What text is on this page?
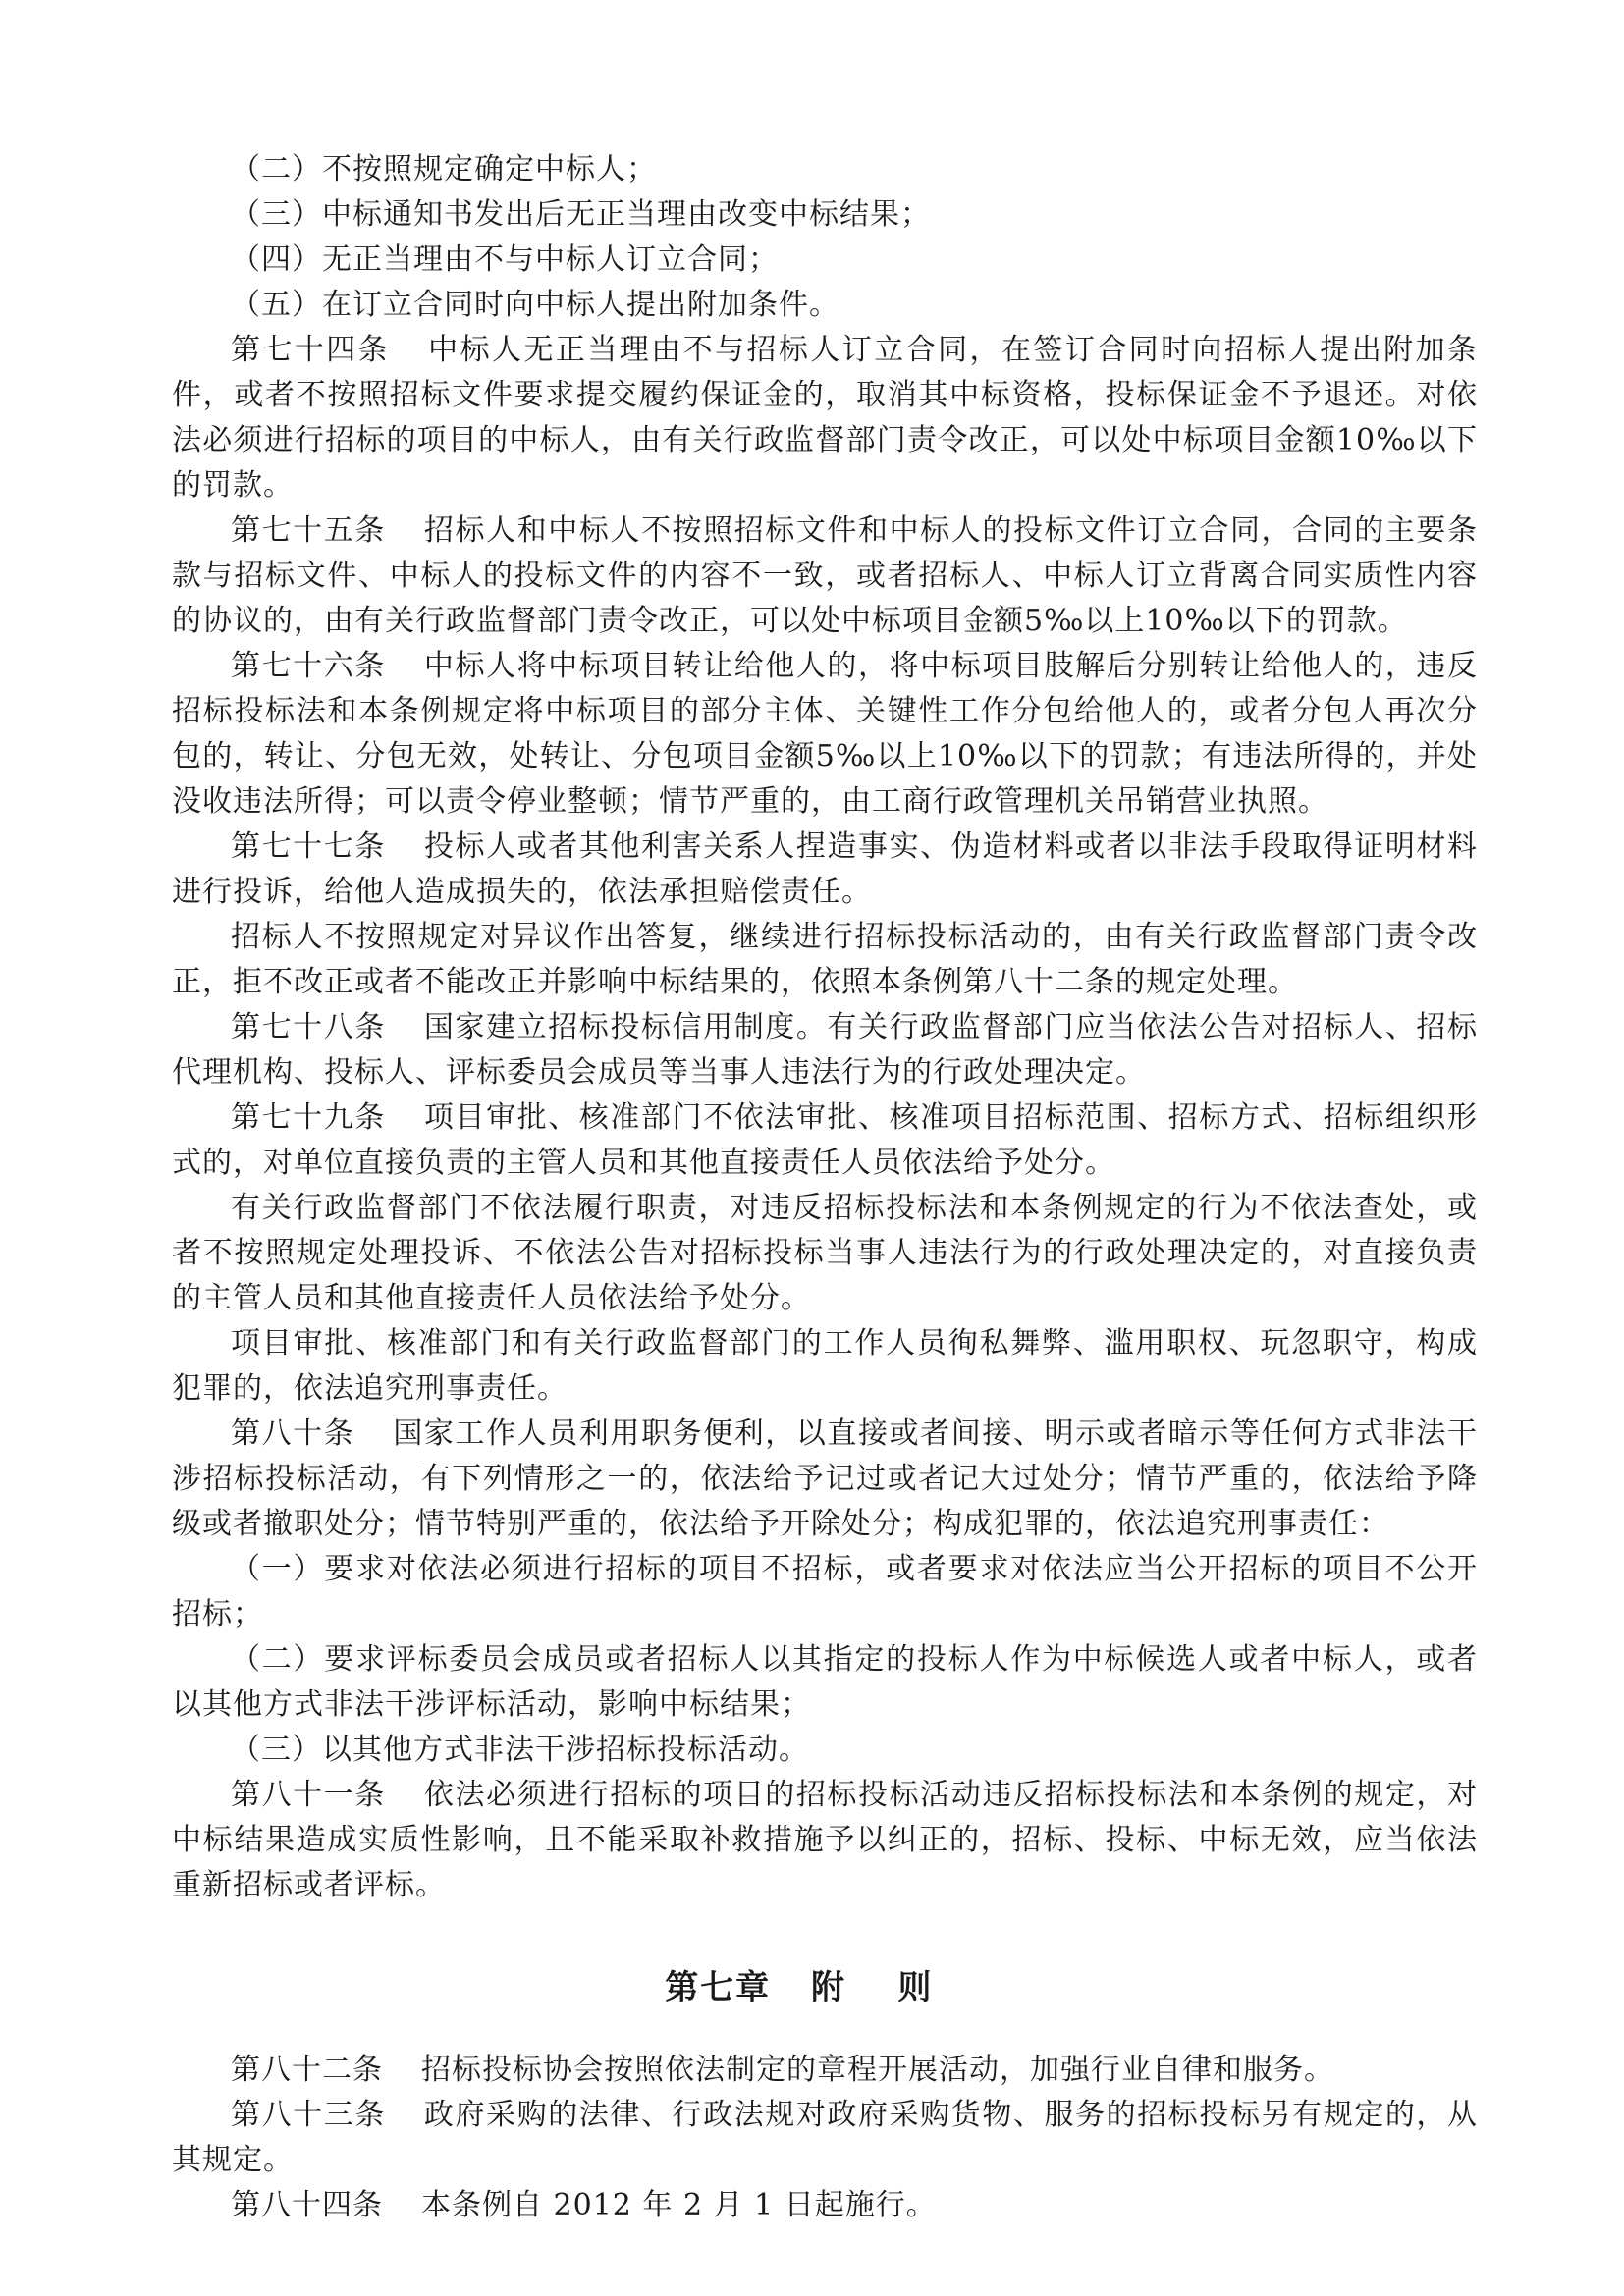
（二）不按照规定确定中标人；

（三）中标通知书发出后无正当理由改变中标结果；

（四）无正当理由不与中标人订立合同；

（五）在订立合同时向中标人提出附加条件。

第七十四条 中标人无正当理由不与招标人订立合同，在签订合同时向招标人提出附加条件，或者不按照招标文件要求提交履约保证金的，取消其中标资格，投标保证金不予退还。对依法必须进行招标的项目的中标人，由有关行政监督部门责令改正，可以处中标项目金额10‰以下的罚款。

第七十五条 招标人和中标人不按照招标文件和中标人的投标文件订立合同，合同的主要条款与招标文件、中标人的投标文件的内容不一致，或者招标人、中标人订立背离合同实质性内容的协议的，由有关行政监督部门责令改正，可以处中标项目金额5‰以上10‰以下的罚款。

第七十六条 中标人将中标项目转让给他人的，将中标项目肢解后分别转让给他人的，违反招标投标法和本条例规定将中标项目的部分主体、关键性工作分包给他人的，或者分包人再次分包的，转让、分包无效，处转让、分包项目金额5‰以上10‰以下的罚款；有违法所得的，并处没收违法所得；可以责令停业整顿；情节严重的，由工商行政管理机关吊销营业执照。

第七十七条 投标人或者其他利害关系人捏造事实、伪造材料或者以非法手段取得证明材料进行投诉，给他人造成损失的，依法承担赔偿责任。

招标人不按照规定对异议作出答复，继续进行招标投标活动的，由有关行政监督部门责令改正，拒不改正或者不能改正并影响中标结果的，依照本条例第八十二条的规定处理。

第七十八条 国家建立招标投标信用制度。有关行政监督部门应当依法公告对招标人、招标代理机构、投标人、评标委员会成员等当事人违法行为的行政处理决定。

第七十九条 项目审批、核准部门不依法审批、核准项目招标范围、招标方式、招标组织形式的，对单位直接负责的主管人员和其他直接责任人员依法给予处分。

有关行政监督部门不依法履行职责，对违反招标投标法和本条例规定的行为不依法查处，或者不按照规定处理投诉、不依法公告对招标投标当事人违法行为的行政处理决定的，对直接负责的主管人员和其他直接责任人员依法给予处分。

项目审批、核准部门和有关行政监督部门的工作人员徇私舞弊、滥用职权、玩忽职守，构成犯罪的，依法追究刑事责任。

第八十条 国家工作人员利用职务便利，以直接或者间接、明示或者暗示等任何方式非法干涉招标投标活动，有下列情形之一的，依法给予记过或者记大过处分；情节严重的，依法给予降级或者撤职处分；情节特别严重的，依法给予开除处分；构成犯罪的，依法追究刑事责任：

（一）要求对依法必须进行招标的项目不招标，或者要求对依法应当公开招标的项目不公开招标；

（二）要求评标委员会成员或者招标人以其指定的投标人作为中标候选人或者中标人，或者以其他方式非法干涉评标活动，影响中标结果；

（三）以其他方式非法干涉招标投标活动。

第八十一条 依法必须进行招标的项目的招标投标活动违反招标投标法和本条例的规定，对中标结果造成实质性影响，且不能采取补救措施予以纠正的，招标、投标、中标无效，应当依法重新招标或者评标。

第七章 附则

第八十二条 招标投标协会按照依法制定的章程开展活动，加强行业自律和服务。

第八十三条 政府采购的法律、行政法规对政府采购货物、服务的招标投标另有规定的，从其规定。

第八十四条 本条例自 2012 年 2 月 1 日起施行。
